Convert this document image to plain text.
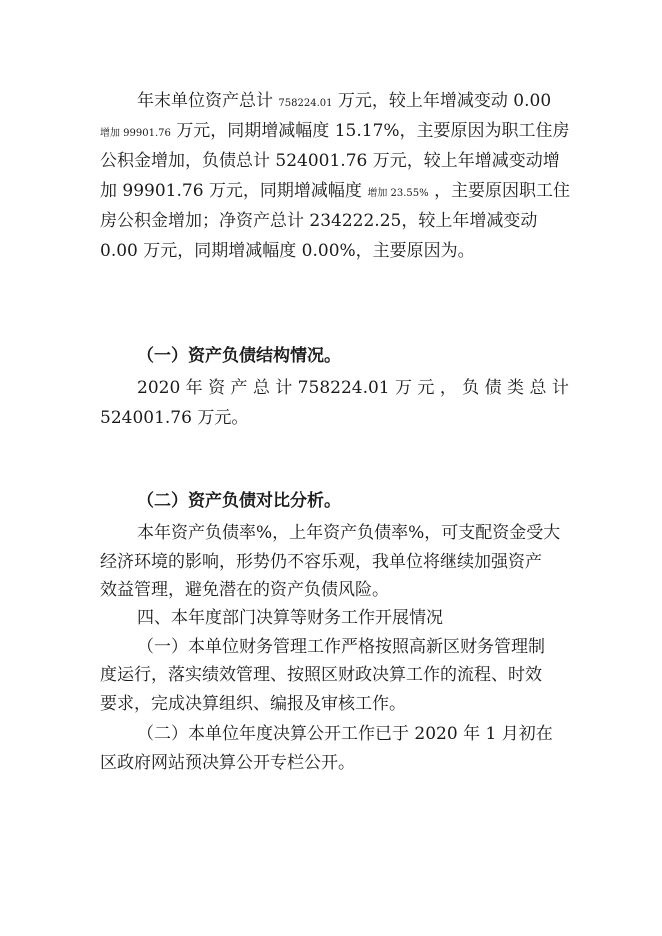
年末单位资产总计 758224.01 万元，较上年增减变动 0.00
增加 99901.76 万元，同期增减幅度 15.17%，主要原因为职工住房
公积金增加，负债总计 524001.76 万元，较上年增减变动增
加 99901.76 万元，同期增减幅度 增加 23.55% ，主要原因职工住
房公积金增加；净资产总计 234222.25，较上年增减变动
0.00 万元，同期增减幅度 0.00%，主要原因为。
（一）资产负债结构情况。
2020 年 资 产 总 计 758224.01 万 元 ， 负 债 类 总 计
524001.76 万元。
（二）资产负债对比分析。
本年资产负债率%，上年资产负债率%，可支配资金受大
经济环境的影响，形势仍不容乐观，我单位将继续加强资产
效益管理，避免潜在的资产负债风险。
四、本年度部门决算等财务工作开展情况
（一）本单位财务管理工作严格按照高新区财务管理制
度运行，落实绩效管理、按照区财政决算工作的流程、时效
要求，完成决算组织、编报及审核工作。
（二）本单位年度决算公开工作已于 2020 年 1 月初在
区政府网站预决算公开专栏公开。
